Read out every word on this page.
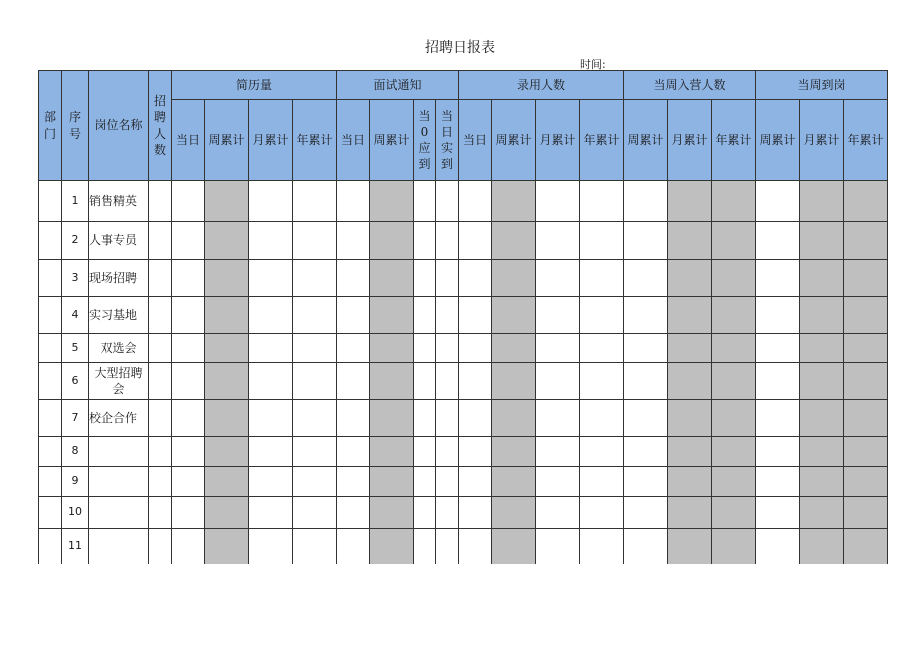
招聘日报表
时间:
部门	序号	岗位名称	招聘人数	简历量				面试通知				录用人数				当周入营人数			当周到岗		
				当日	周累计	月累计	年累计	当日	周累计	当0应到	当日实到	当日	周累计	月累计	年累计	周累计	月累计	年累计	周累计	月累计	年累计
	1	销售精英																			
	2	人事专员																			
	3	现场招聘																			
	4	实习基地																			
	5	双选会																			
	6	大型招聘会																			
	7	校企合作																			
	8																				
	9																				
	10																				
	11																				
